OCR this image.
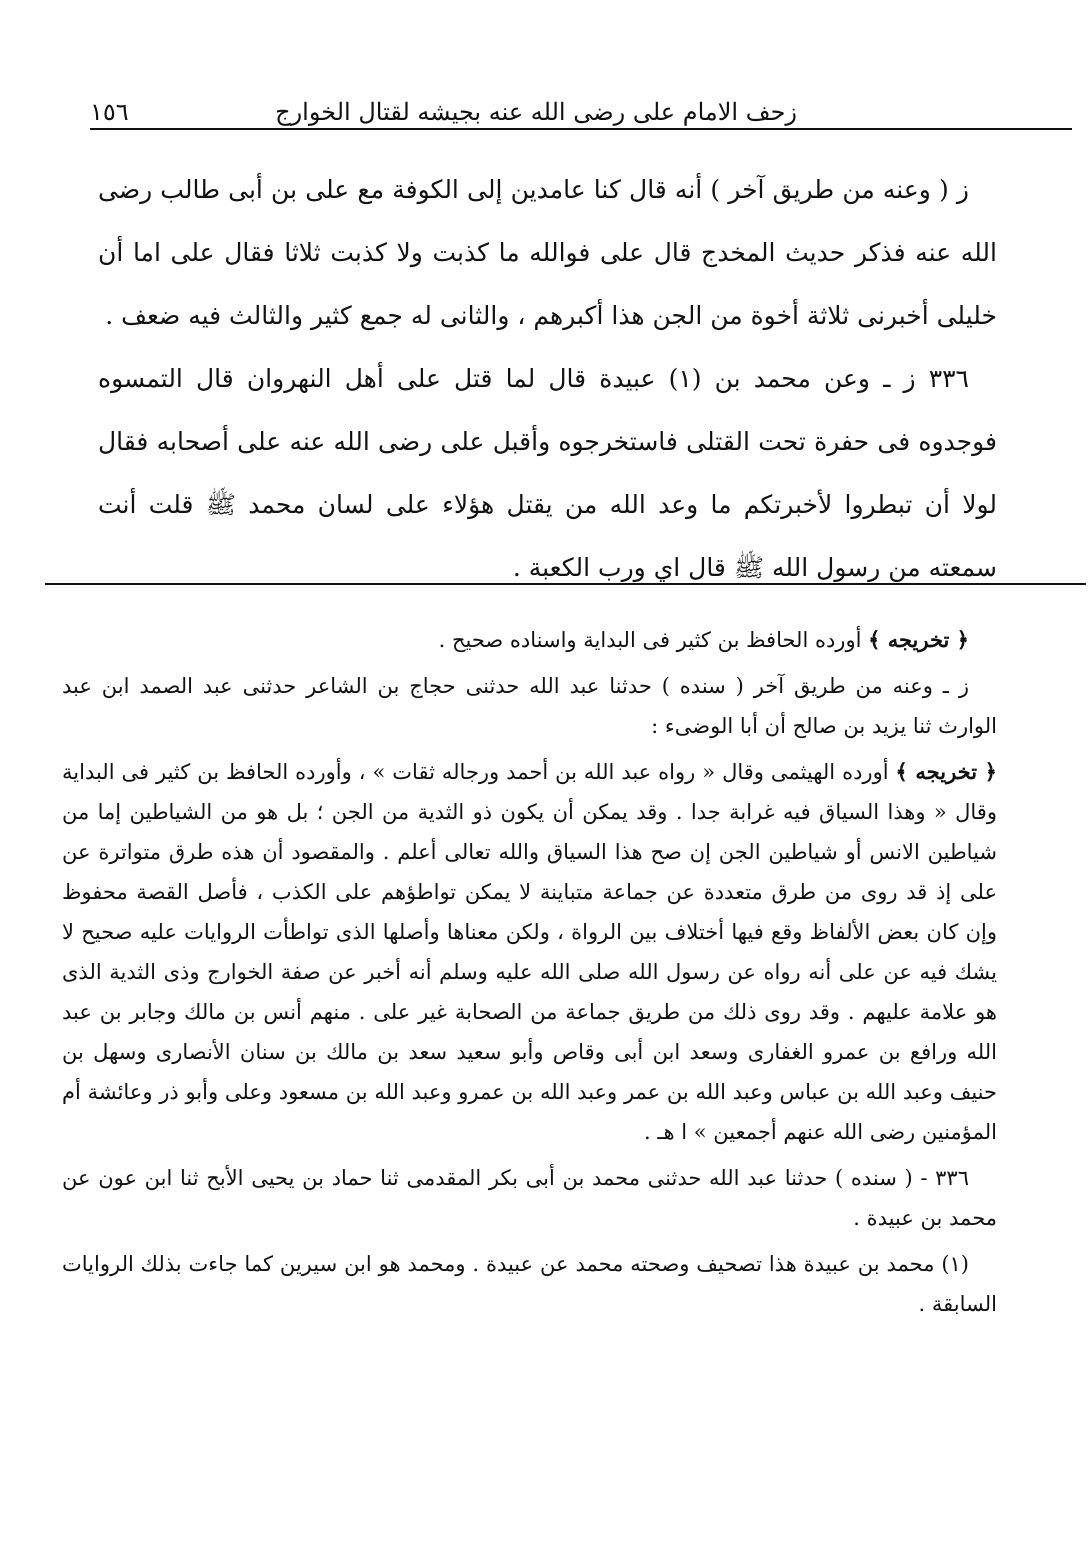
زحف الامام على رضى الله عنه بجيشه لقتال الخوارج
١٥٦

ز ( وعنه من طريق آخر ) أنه قال كنا عامدين إلى الكوفة مع على بن أبى طالب رضى الله عنه فذكر حديث المخدج قال على فوالله ما كذبت ولا كذبت ثلاثا فقال على اما أن خليلى أخبرنى ثلاثة أخوة من الجن هذا أكبرهم ، والثانى له جمع كثير والثالث فيه ضعف .

٣٣٦ ز ـ وعن محمد بن (١) عبيدة قال لما قتل على أهل النهروان قال التمسوه فوجدوه فى حفرة تحت القتلى فاستخرجوه وأقبل على رضى الله عنه على أصحابه فقال لولا أن تبطروا لأخبرتكم ما وعد الله من يقتل هؤلاء على لسان محمد ﷺ قلت أنت سمعته من رسول الله ﷺ قال اي ورب الكعبة .

﴿ تخريجه ﴾ أورده الحافظ بن كثير فى البداية واسناده صحيح .

ز ـ وعنه من طريق آخر ( سنده ) حدثنا عبد الله حدثنى حجاج بن الشاعر حدثنى عبد الصمد ابن عبد الوارث ثنا يزيد بن صالح أن أبا الوضىء :

﴿ تخريجه ﴾ أورده الهيثمى وقال « رواه عبد الله بن أحمد ورجاله ثقات » ، وأورده الحافظ بن كثير فى البداية وقال « وهذا السياق فيه غرابة جدا . وقد يمكن أن يكون ذو الثدية من الجن ؛ بل هو من الشياطين إما من شياطين الانس أو شياطين الجن إن صح هذا السياق والله تعالى أعلم . والمقصود أن هذه طرق متواترة عن على إذ قد روى من طرق متعددة عن جماعة متباينة لا يمكن تواطؤهم على الكذب ، فأصل القصة محفوظ وإن كان بعض الألفاظ وقع فيها أختلاف بين الرواة ، ولكن معناها وأصلها الذى تواطأت الروايات عليه صحيح لا يشك فيه عن على أنه رواه عن رسول الله صلى الله عليه وسلم أنه أخبر عن صفة الخوارج وذى الثدية الذى هو علامة عليهم . وقد روى ذلك من طريق جماعة من الصحابة غير على . منهم أنس بن مالك وجابر بن عبد الله ورافع بن عمرو الغفارى وسعد ابن أبى وقاص وأبو سعيد سعد بن مالك بن سنان الأنصارى وسهل بن حنيف وعبد الله بن عباس وعبد الله بن عمر وعبد الله بن عمرو وعبد الله بن مسعود وعلى وأبو ذر وعائشة أم المؤمنين رضى الله عنهم أجمعين » ا هـ .

٣٣٦ - ( سنده ) حدثنا عبد الله حدثنى محمد بن أبى بكر المقدمى ثنا حماد بن يحيى الأبح ثنا ابن عون عن محمد بن عبيدة .

(١) محمد بن عبيدة هذا تصحيف وصحته محمد عن عبيدة . ومحمد هو ابن سيرين كما جاءت بذلك الروايات السابقة .
